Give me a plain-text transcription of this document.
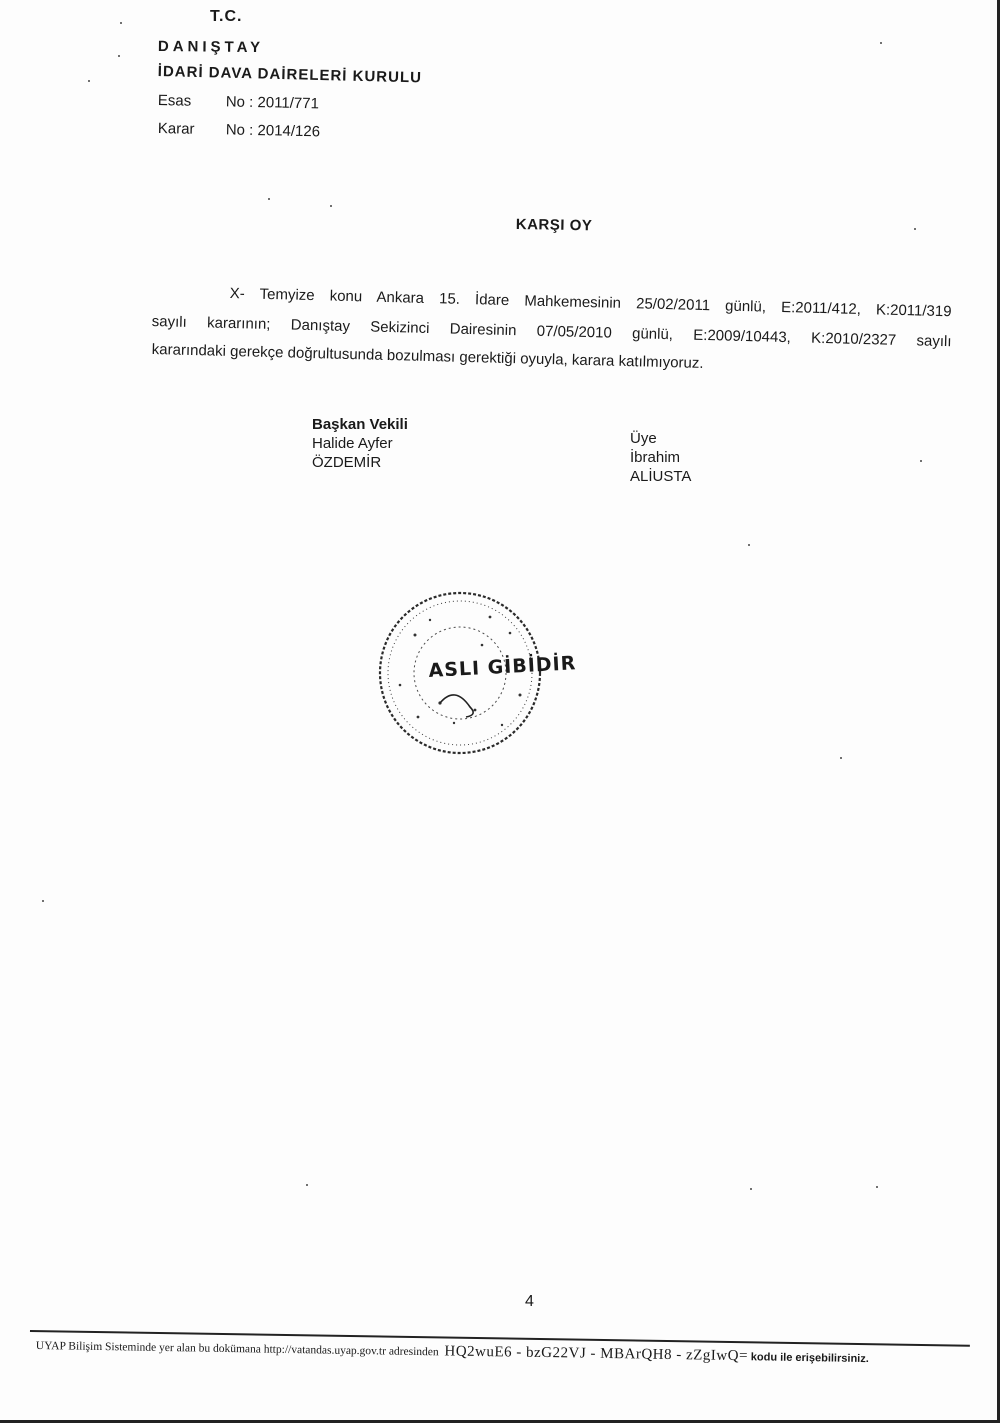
T.C.
DANIŞTAY
İDARİ DAVA DAİRELERİ KURULU
Esas No : 2011/771
Karar No : 2014/126
KARŞI OY
X- Temyize konu Ankara 15. İdare Mahkemesinin 25/02/2011 günlü, E:2011/412, K:2011/319
sayılı kararının; Danıştay Sekizinci Dairesinin 07/05/2010 günlü, E:2009/10443, K:2010/2327 sayılı
kararındaki gerekçe doğrultusunda bozulması gerektiği oyuyla, karara katılmıyoruz.
Başkan Vekili
Halide Ayfer
ÖZDEMİR
Üye
İbrahim
ALİUSTA
ASLI GİBİDİR
4
UYAP Bilişim Sisteminde yer alan bu dokümana http://vatandas.uyap.gov.tr adresinden HQ2wuE6 - bzG22VJ - MBArQH8 - zZgIwQ= kodu ile erişebilirsiniz.
